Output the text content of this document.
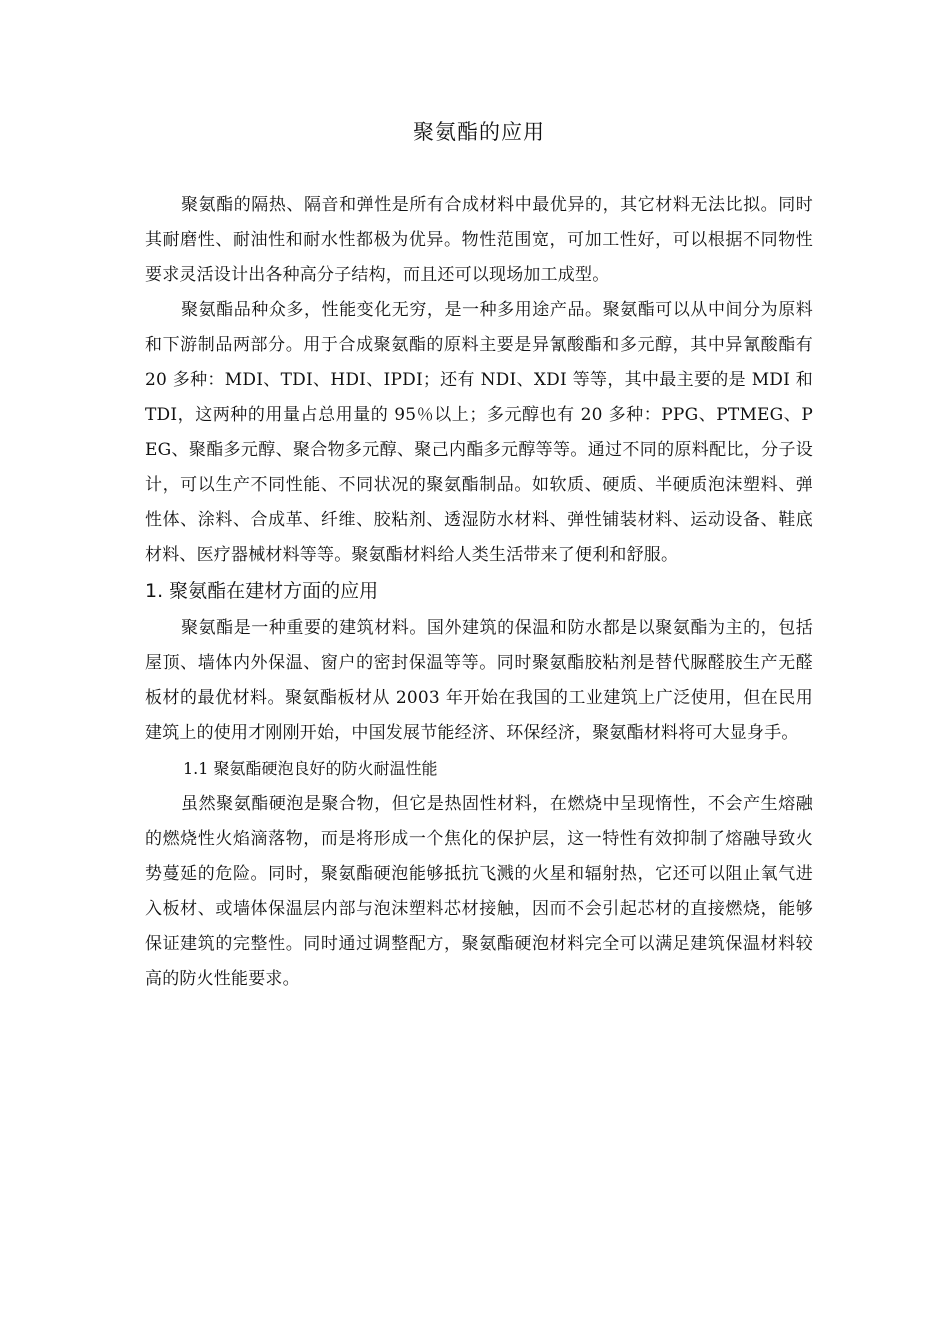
聚氨酯的应用

聚氨酯的隔热、隔音和弹性是所有合成材料中最优异的，其它材料无法比拟。同时其耐磨性、耐油性和耐水性都极为优异。物性范围宽，可加工性好，可以根据不同物性要求灵活设计出各种高分子结构，而且还可以现场加工成型。

聚氨酯品种众多，性能变化无穷，是一种多用途产品。聚氨酯可以从中间分为原料和下游制品两部分。用于合成聚氨酯的原料主要是异氰酸酯和多元醇，其中异氰酸酯有 20 多种：MDI、TDI、HDI、IPDI；还有 NDI、XDI 等等，其中最主要的是 MDI 和 TDI，这两种的用量占总用量的 95％以上；多元醇也有 20 多种：PPG、PTMEG、PEG、聚酯多元醇、聚合物多元醇、聚己内酯多元醇等等。通过不同的原料配比，分子设计，可以生产不同性能、不同状况的聚氨酯制品。如软质、硬质、半硬质泡沫塑料、弹性体、涂料、合成革、纤维、胶粘剂、透湿防水材料、弹性铺装材料、运动设备、鞋底材料、医疗器械材料等等。聚氨酯材料给人类生活带来了便利和舒服。

1. 聚氨酯在建材方面的应用

聚氨酯是一种重要的建筑材料。国外建筑的保温和防水都是以聚氨酯为主的，包括屋顶、墙体内外保温、窗户的密封保温等等。同时聚氨酯胶粘剂是替代脲醛胶生产无醛板材的最优材料。聚氨酯板材从 2003 年开始在我国的工业建筑上广泛使用，但在民用建筑上的使用才刚刚开始，中国发展节能经济、环保经济，聚氨酯材料将可大显身手。

1.1 聚氨酯硬泡良好的防火耐温性能

虽然聚氨酯硬泡是聚合物，但它是热固性材料，在燃烧中呈现惰性，不会产生熔融的燃烧性火焰滴落物，而是将形成一个焦化的保护层，这一特性有效抑制了熔融导致火势蔓延的危险。同时，聚氨酯硬泡能够抵抗飞溅的火星和辐射热，它还可以阻止氧气进入板材、或墙体保温层内部与泡沫塑料芯材接触，因而不会引起芯材的直接燃烧，能够保证建筑的完整性。同时通过调整配方，聚氨酯硬泡材料完全可以满足建筑保温材料较高的防火性能要求。
